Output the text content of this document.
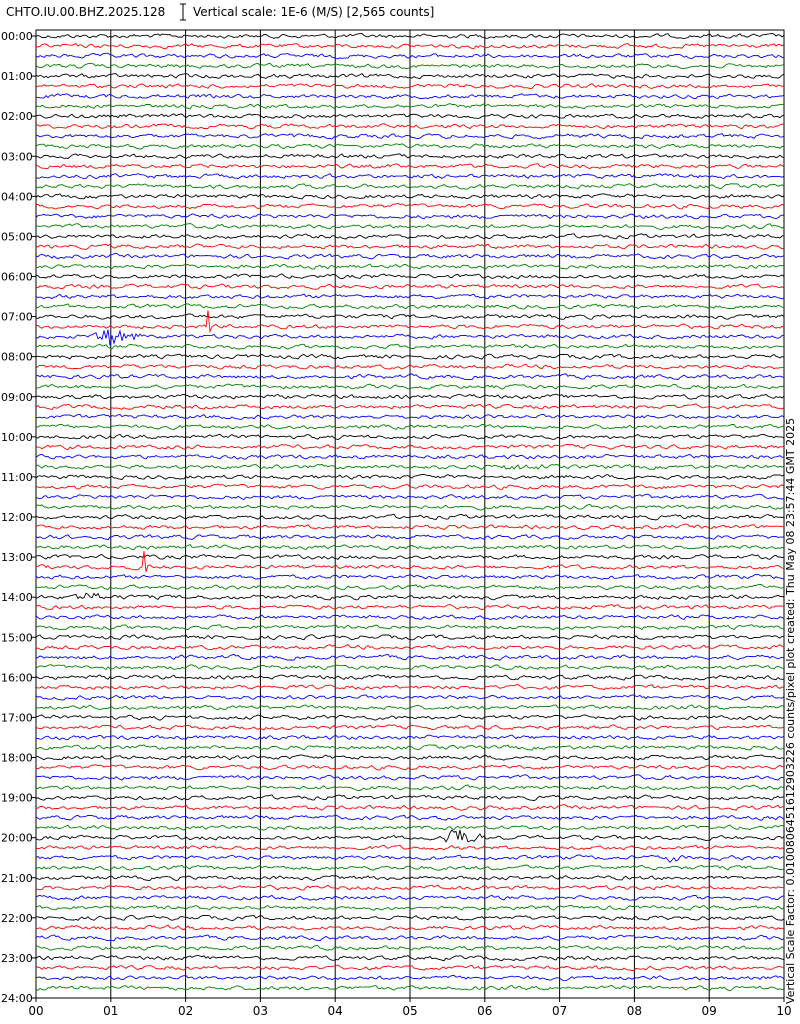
CHTO.IU.00.BHZ.2025.128 Vertical scale: 1E-6 (M/S) [2,565 counts]
00:00
01:00
02:00
03:00
04:00
05:00
06:00
07:00
08:00
09:00
10:00
11:00
12:00
13:00
14:00
15:00
16:00
17:00
18:00
19:00
20:00
21:00
22:00
23:00
24:00
00	01	02	03	04	05	06	07	08	09	10
Vertical Scale Factor: 0.0100806451612903226 counts/pixel plot created: Thu May 08 23:57:44 GMT 2025
